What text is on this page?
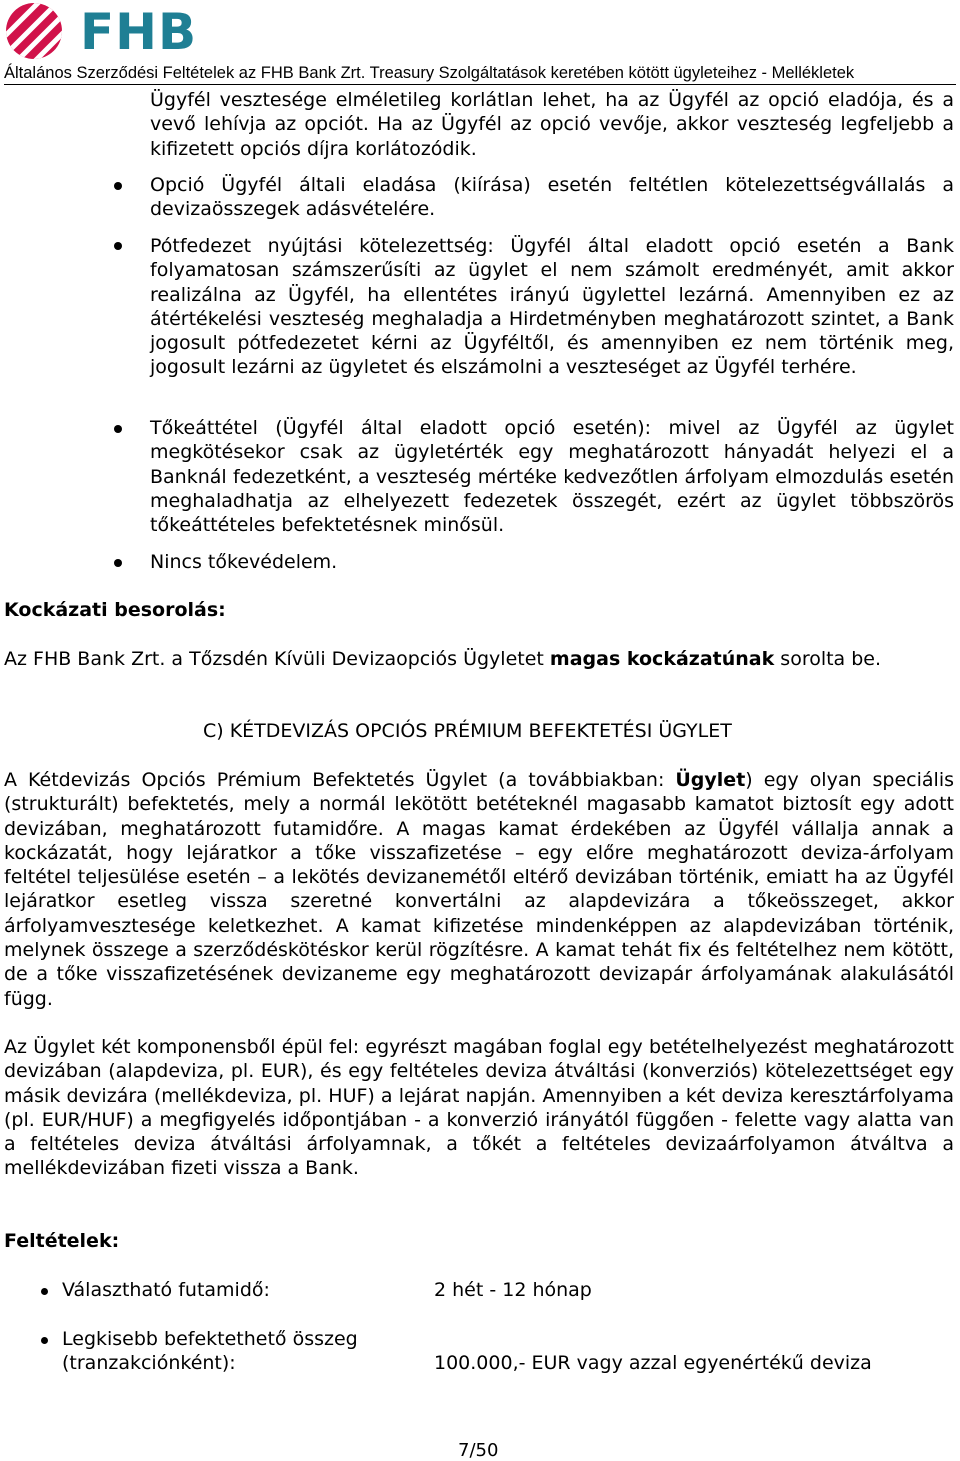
FHB
Általános Szerződési Feltételek az FHB Bank Zrt. Treasury Szolgáltatások keretében kötött ügyleteihez - Mellékletek

Ügyfél vesztesége elméletileg korlátlan lehet, ha az Ügyfél az opció eladója, és a vevő lehívja az opciót. Ha az Ügyfél az opció vevője, akkor veszteség legfeljebb a kifizetett opciós díjra korlátozódik.

Opció Ügyfél általi eladása (kiírása) esetén feltétlen kötelezettségvállalás a devizaösszegek adásvételére.

Pótfedezet nyújtási kötelezettség: Ügyfél által eladott opció esetén a Bank folyamatosan számszerűsíti az ügylet el nem számolt eredményét, amit akkor realizálna az Ügyfél, ha ellentétes irányú ügylettel lezárná. Amennyiben ez az átértékelési veszteség meghaladja a Hirdetményben meghatározott szintet, a Bank jogosult pótfedezetet kérni az Ügyféltől, és amennyiben ez nem történik meg, jogosult lezárni az ügyletet és elszámolni a veszteséget az Ügyfél terhére.

Tőkeáttétel (Ügyfél által eladott opció esetén): mivel az Ügyfél az ügylet megkötésekor csak az ügyletérték egy meghatározott hányadát helyezi el a Banknál fedezetként, a veszteség mértéke kedvezőtlen árfolyam elmozdulás esetén meghaladhatja az elhelyezett fedezetek összegét, ezért az ügylet többszörös tőkeáttételes befektetésnek minősül.

Nincs tőkevédelem.

Kockázati besorolás:

Az FHB Bank Zrt. a Tőzsdén Kívüli Devizaopciós Ügyletet magas kockázatúnak sorolta be.

C) KÉTDEVIZÁS OPCIÓS PRÉMIUM BEFEKTETÉSI ÜGYLET

A Kétdevizás Opciós Prémium Befektetés Ügylet (a továbbiakban: Ügylet) egy olyan speciális (strukturált) befektetés, mely a normál lekötött betéteknél magasabb kamatot biztosít egy adott devizában, meghatározott futamidőre. A magas kamat érdekében az Ügyfél vállalja annak a kockázatát, hogy lejáratkor a tőke visszafizetése – egy előre meghatározott deviza-árfolyam feltétel teljesülése esetén – a lekötés devizanemétől eltérő devizában történik, emiatt ha az Ügyfél lejáratkor esetleg vissza szeretné konvertálni az alapdevizára a tőkeösszeget, akkor árfolyamvesztesége keletkezhet. A kamat kifizetése mindenképpen az alapdevizában történik, melynek összege a szerződéskötéskor kerül rögzítésre. A kamat tehát fix és feltételhez nem kötött, de a tőke visszafizetésének devizaneme egy meghatározott devizapár árfolyamának alakulásától függ.

Az Ügylet két komponensből épül fel: egyrészt magában foglal egy betételhelyezést meghatározott devizában (alapdeviza, pl. EUR), és egy feltételes deviza átváltási (konverziós) kötelezettséget egy másik devizára (mellékdeviza, pl. HUF) a lejárat napján. Amennyiben a két deviza keresztárfolyama (pl. EUR/HUF) a megfigyelés időpontjában - a konverzió irányától függően - felette vagy alatta van a feltételes deviza átváltási árfolyamnak, a tőkét a feltételes devizaárfolyamon átváltva a mellékdevizában fizeti vissza a Bank.

Feltételek:
Választható futamidő:	2 hét - 12 hónap
Legkisebb befektethető összeg
(tranzakciónként):	100.000,- EUR vagy azzal egyenértékű deviza
7/50
